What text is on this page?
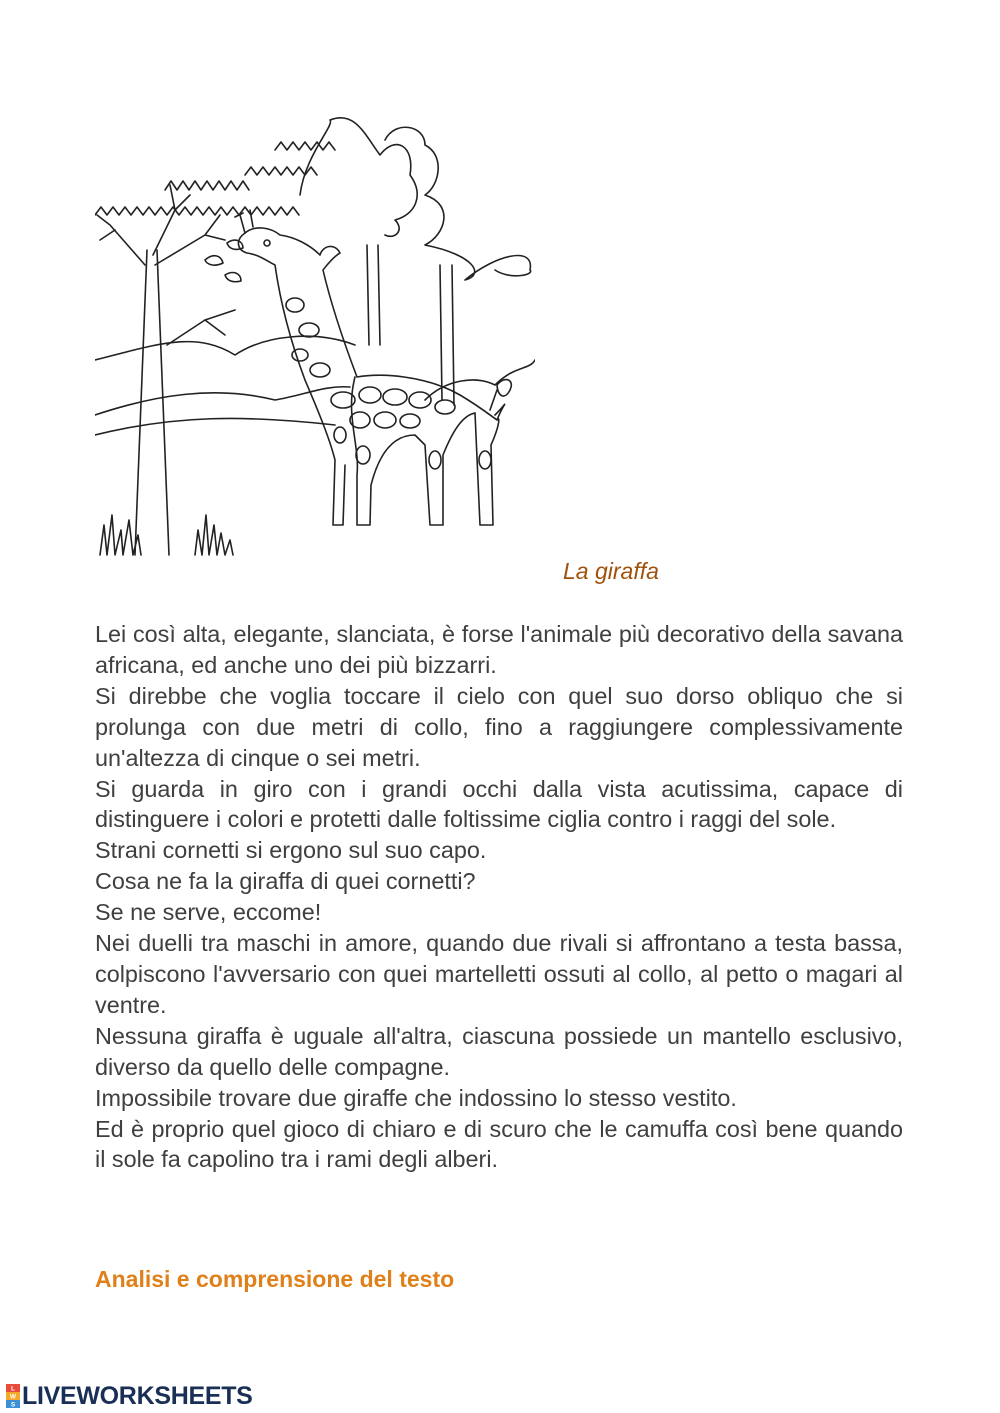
La giraffa

Lei così alta, elegante, slanciata, è forse l'animale più decorativo della savana africana, ed anche uno dei più bizzarri.

Si direbbe che voglia toccare il cielo con quel suo dorso obliquo che si prolunga con due metri di collo, fino a raggiungere complessivamente un'altezza di cinque o sei metri.

Si guarda in giro con i grandi occhi dalla vista acutissima, capace di distinguere i colori e protetti dalle foltissime ciglia contro i raggi del sole.

Strani cornetti si ergono sul suo capo.

Cosa ne fa la giraffa di quei cornetti?

Se ne serve, eccome!

Nei duelli tra maschi in amore, quando due rivali si affrontano a testa bassa, colpiscono l'avversario con quei martelletti ossuti al collo, al petto o magari al ventre.

Nessuna giraffa è uguale all'altra, ciascuna possiede un mantello esclusivo, diverso da quello delle compagne.

Impossibile trovare due giraffe che indossino lo stesso vestito.

Ed è proprio quel gioco di chiaro e di scuro che le camuffa così bene quando il sole fa capolino tra i rami degli alberi.

Analisi e comprensione del testo
L
W
S LIVEWORKSHEETS
